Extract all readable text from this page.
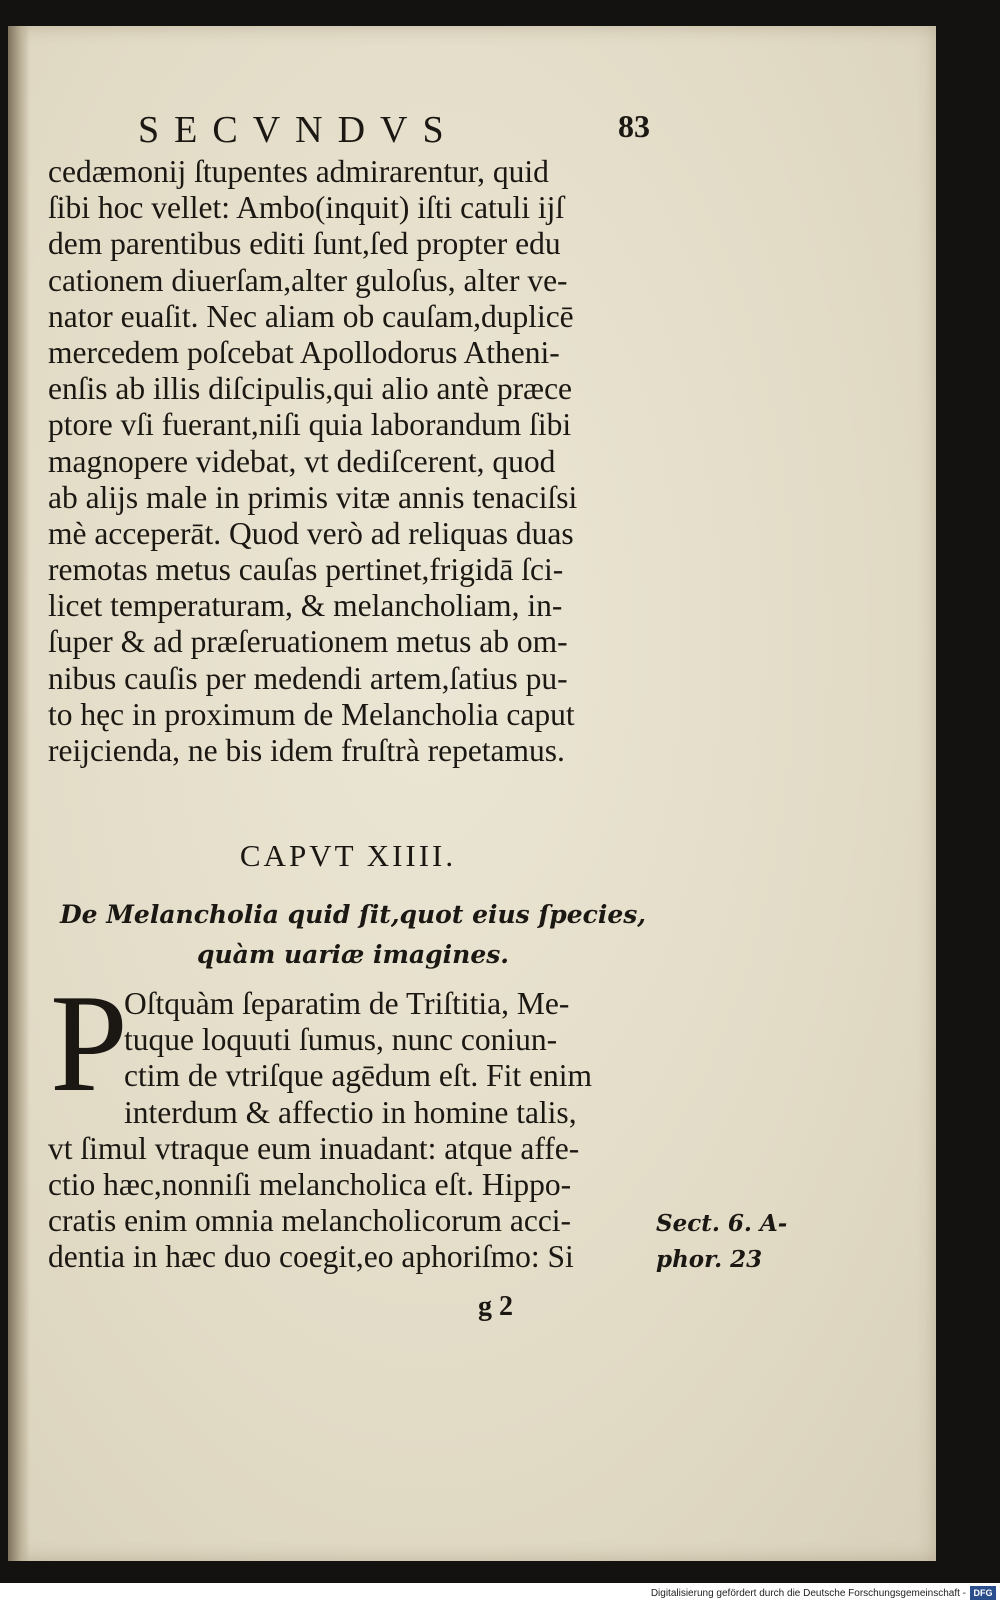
SECVNDVS	83
cedæmonij ſtupentes admirarentur, quid
ſibi hoc vellet: Ambo(inquit) iſti catuli ijſ
dem parentibus editi ſunt,ſed propter edu
cationem diuerſam,alter guloſus, alter ve-
nator euaſit. Nec aliam ob cauſam,duplicē
mercedem poſcebat Apollodorus Atheni-
enſis ab illis diſcipulis,qui alio antè præce
ptore vſi fuerant,niſi quia laborandum ſibi
magnopere videbat, vt dediſcerent, quod
ab alijs male in primis vitæ annis tenaciſsi
mè acceperāt. Quod verò ad reliquas duas
remotas metus cauſas pertinet,frigidā ſci-
licet temperaturam, & melancholiam, in-
ſuper & ad præſeruationem metus ab om-
nibus cauſis per medendi artem,ſatius pu-
to hęc in proximum de Melancholia caput
reijcienda, ne bis idem fruſtrà repetamus.
CAPVT XIIII.
De Melancholia quid ſit,quot eius ſpecies,
quàm uariæ imagines.
P
Oſtquàm ſeparatim de Triſtitia, Me-
tuque loquuti ſumus, nunc coniun-
ctim de vtriſque agēdum eſt. Fit enim
interdum & affectio in homine talis,
vt ſimul vtraque eum inuadant: atque affe-
ctio hæc,nonniſi melancholica eſt. Hippo-
cratis enim omnia melancholicorum acci-
dentia in hæc duo coegit,eo aphoriſmo: Si
Sect. 6. A-
phor. 23
g 2
Digitalisierung gefördert durch die Deutsche Forschungsgemeinschaft - DFG
